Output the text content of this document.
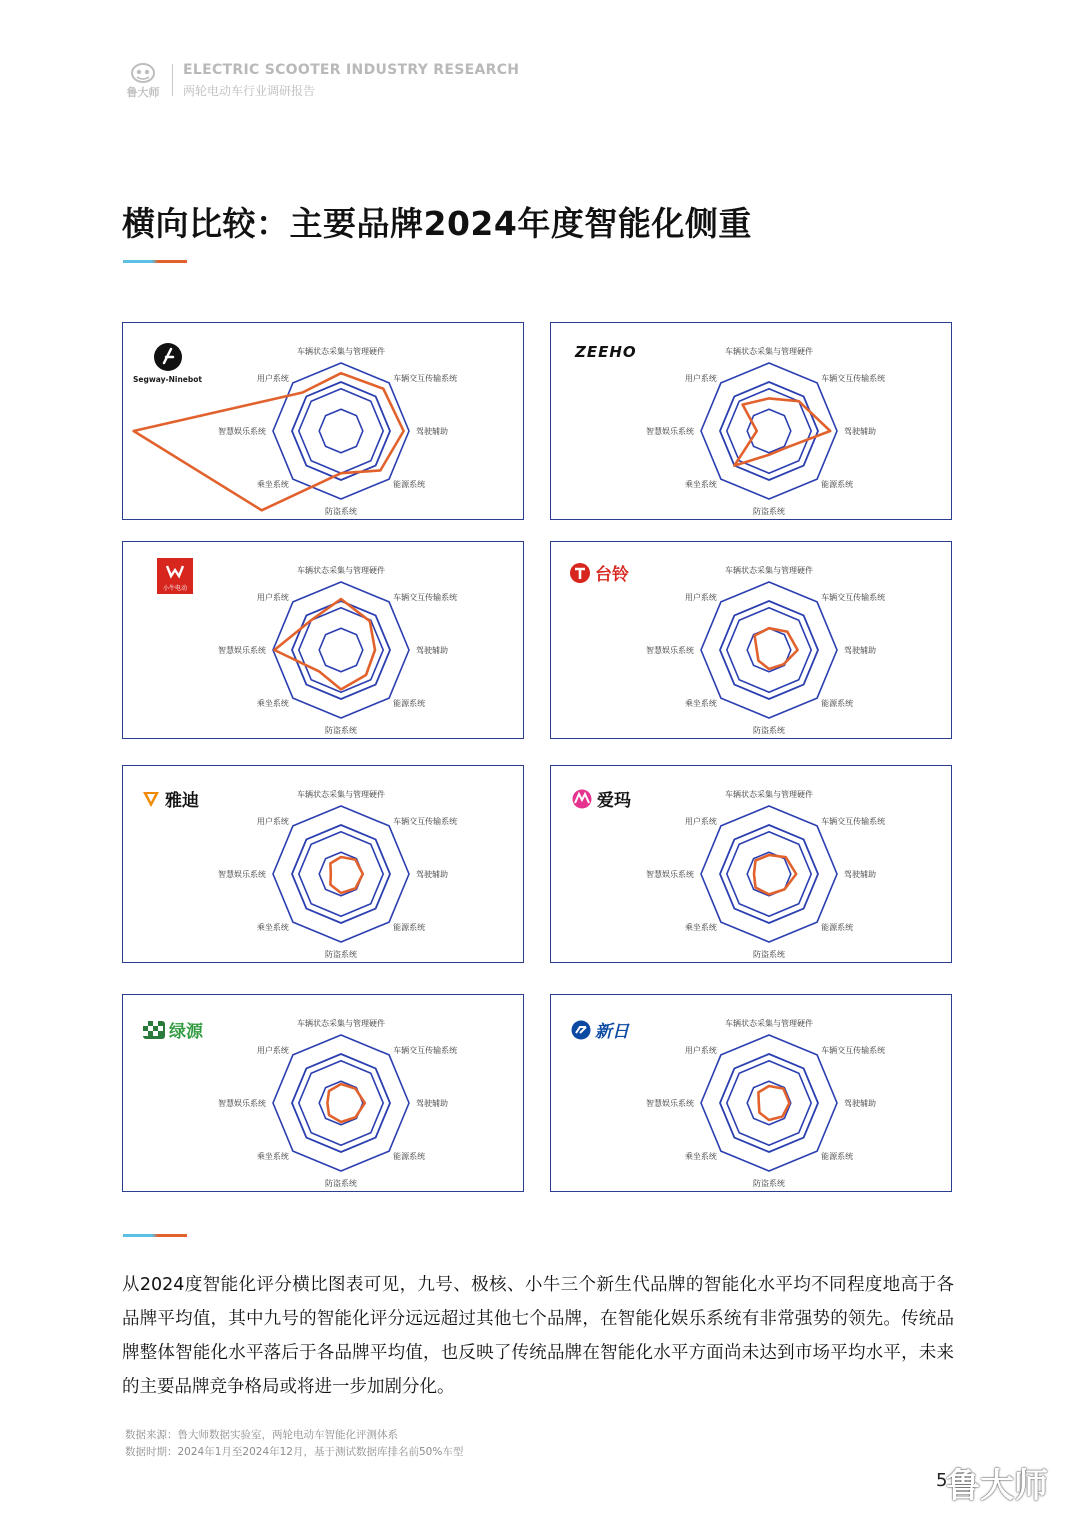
鲁大师
ELECTRIC SCOOTER INDUSTRY RESEARCH
两轮电动车行业调研报告
横向比较：主要品牌2024年度智能化侧重
车辆状态采集与管理硬件
车辆交互传输系统
驾驶辅助
能源系统
防盗系统
乘坐系统
智慧娱乐系统
用户系统
Segway-Ninebot
车辆状态采集与管理硬件
车辆交互传输系统
驾驶辅助
能源系统
防盗系统
乘坐系统
智慧娱乐系统
用户系统
ZEEHO
车辆状态采集与管理硬件
车辆交互传输系统
驾驶辅助
能源系统
防盗系统
乘坐系统
智慧娱乐系统
用户系统
小牛电动
车辆状态采集与管理硬件
车辆交互传输系统
驾驶辅助
能源系统
防盗系统
乘坐系统
智慧娱乐系统
用户系统
台铃
车辆状态采集与管理硬件
车辆交互传输系统
驾驶辅助
能源系统
防盗系统
乘坐系统
智慧娱乐系统
用户系统
雅迪	车辆状态采集与管理硬件
车辆交互传输系统
驾驶辅助
能源系统
防盗系统
乘坐系统
智慧娱乐系统
用户系统
爱玛
车辆状态采集与管理硬件
车辆交互传输系统
驾驶辅助
能源系统
防盗系统
乘坐系统
智慧娱乐系统
用户系统
绿源	车辆状态采集与管理硬件
车辆交互传输系统
驾驶辅助
能源系统
防盗系统
乘坐系统
智慧娱乐系统
用户系统
新日
从2024度智能化评分横比图表可见，九号、极核、小牛三个新生代品牌的智能化水平均不同程度地高于各品牌平均值，其中九号的智能化评分远远超过其他七个品牌，在智能化娱乐系统有非常强势的领先。传统品牌整体智能化水平落后于各品牌平均值，也反映了传统品牌在智能化水平方面尚未达到市场平均水平，未来的主要品牌竞争格局或将进一步加剧分化。
数据来源：鲁大师数据实验室，两轮电动车智能化评测体系
数据时期：2024年1月至2024年12月，基于测试数据库排名前50%车型
5
鲁大师
